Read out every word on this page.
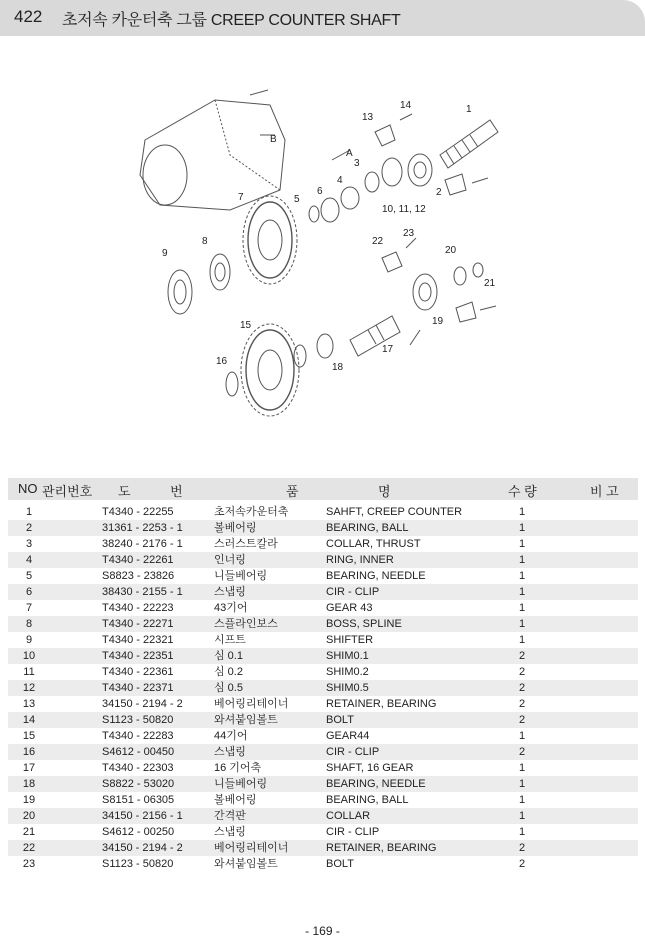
422 초저속 카운터축 그룹 CREEP COUNTER SHAFT
1
2
3
4
5
6
7
8
9
10, 11, 12
13
14
15
16
17
18
19
20
21
22
23
A
B
NO 관리번호 도 번	품	명	수 량	비 고
1	T4340 - 22255	초저속카운터축	SAHFT, CREEP COUNTER	1
2	31361 - 2253 - 1	볼베어링	BEARING, BALL	1
3	38240 - 2176 - 1	스러스트칼라	COLLAR, THRUST	1
4	T4340 - 22261	인너링	RING, INNER	1
5	S8823 - 23826	니들베어링	BEARING, NEEDLE	1
6	38430 - 2155 - 1	스냅링	CIR - CLIP	1
7	T4340 - 22223	43기어	GEAR 43	1
8	T4340 - 22271	스플라인보스	BOSS, SPLINE	1
9	T4340 - 22321	시프트	SHIFTER	1
10	T4340 - 22351	심 0.1	SHIM0.1	2
11	T4340 - 22361	심 0.2	SHIM0.2	2
12	T4340 - 22371	심 0.5	SHIM0.5	2
13	34150 - 2194 - 2	베어링리테이너	RETAINER, BEARING	2
14	S1123 - 50820	와셔붙임볼트	BOLT	2
15	T4340 - 22283	44기어	GEAR44	1
16	S4612 - 00450	스냅링	CIR - CLIP	2
17	T4340 - 22303	16 기어축	SHAFT, 16 GEAR	1
18	S8822 - 53020	니들베어링	BEARING, NEEDLE	1
19	S8151 - 06305	볼베어링	BEARING, BALL	1
20	34150 - 2156 - 1	간격판	COLLAR	1
21	S4612 - 00250	스냅링	CIR - CLIP	1
22	34150 - 2194 - 2	베어링리테이너	RETAINER, BEARING	2
23	S1123 - 50820	와셔붙임볼트	BOLT	2
- 169 -
